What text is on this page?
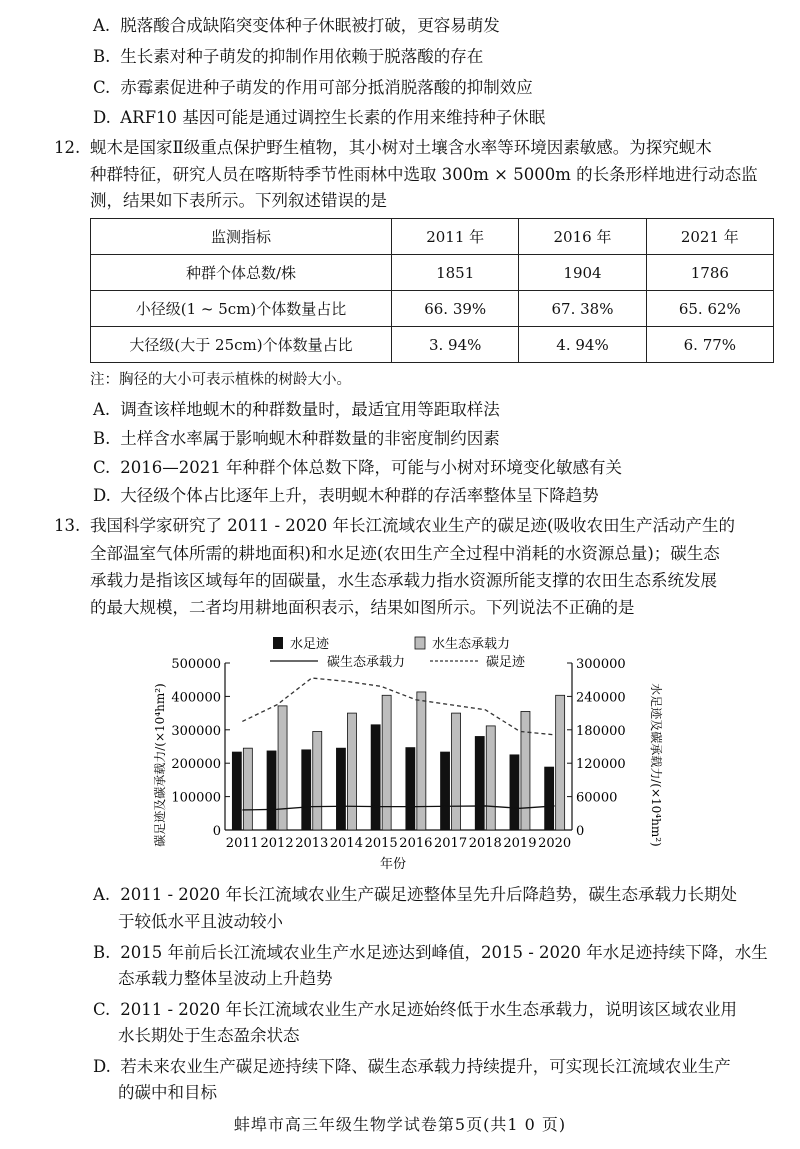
A. 脱落酸合成缺陷突变体种子休眠被打破，更容易萌发
B. 生长素对种子萌发的抑制作用依赖于脱落酸的存在
C. 赤霉素促进种子萌发的作用可部分抵消脱落酸的抑制效应
D. ARF10 基因可能是通过调控生长素的作用来维持种子休眠
12. 蚬木是国家Ⅱ级重点保护野生植物，其小树对土壤含水率等环境因素敏感。为探究蚬木
种群特征，研究人员在喀斯特季节性雨林中选取 300m × 5000m 的长条形样地进行动态监
测，结果如下表所示。下列叙述错误的是
监测指标	2011 年	2016 年	2021 年
种群个体总数/株	1851	1904	1786
小径级(1 ~ 5cm)个体数量占比	66. 39%	67. 38%	65. 62%
大径级(大于 25cm)个体数量占比	3. 94%	4. 94%	6. 77%
注：胸径的大小可表示植株的树龄大小。
A. 调查该样地蚬木的种群数量时，最适宜用等距取样法
B. 土样含水率属于影响蚬木种群数量的非密度制约因素
C. 2016—2021 年种群个体总数下降，可能与小树对环境变化敏感有关
D. 大径级个体占比逐年上升，表明蚬木种群的存活率整体呈下降趋势
13. 我国科学家研究了 2011 - 2020 年长江流域农业生产的碳足迹(吸收农田生产活动产生的
全部温室气体所需的耕地面积)和水足迹(农田生产全过程中消耗的水资源总量)；碳生态
承载力是指该区域每年的固碳量，水生态承载力指水资源所能支撑的农田生态系统发展
的最大规模，二者均用耕地面积表示，结果如图所示。下列说法不正确的是
水足迹	水生态承载力
碳生态承载力	碳足迹
0
100000
200000
300000
400000
500000
0
60000
120000
180000
240000
300000
2011 2012 2013 2014 2015 2016 2017 2018 2019 2020
年份
碳足迹及碳承载力/(×10⁴hm²)	水足迹及碳承载力/(×10⁴hm²)
A. 2011 - 2020 年长江流域农业生产碳足迹整体呈先升后降趋势，碳生态承载力长期处
于较低水平且波动较小
B. 2015 年前后长江流域农业生产水足迹达到峰值，2015 - 2020 年水足迹持续下降，水生
态承载力整体呈波动上升趋势
C. 2011 - 2020 年长江流域农业生产水足迹始终低于水生态承载力，说明该区域农业用
水长期处于生态盈余状态
D. 若未来农业生产碳足迹持续下降、碳生态承载力持续提升，可实现长江流域农业生产
的碳中和目标
蚌埠市高三年级生物学试卷第5页(共1 0 页)
